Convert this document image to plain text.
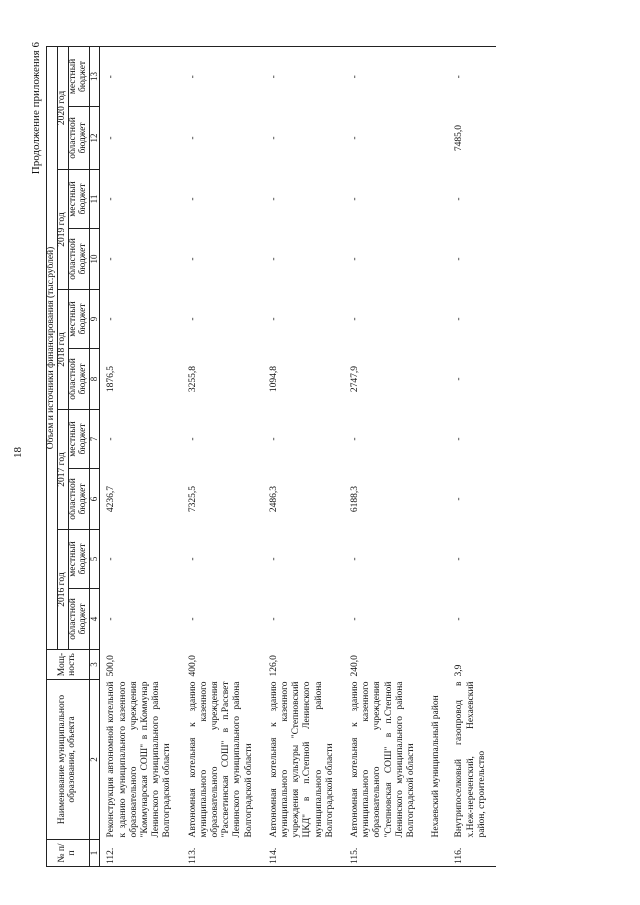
18
Продолжение приложения 6
№ п/п	Наименование муниципального образования, объекта	Мощ- ность	Объем и источники финансирования (тыс.рублей)									
			2016 год		2017 год		2018 год		2019 год		2020 год	
			областной бюджет	местный бюджет	областной бюджет	местный бюджет	областной бюджет	местный бюджет	областной бюджет	местный бюджет	областной бюджет	местный бюджет
1	2	3	4	5	6	7	8	9	10	11	12	13
112.	Реконструкция автономной котельной к зданию муниципального казенного образовательного учреждения "Коммунарская СОШ" в п.Коммунар Ленинского муниципального района Волгоградской области	500,0	-	-	4236,7	-	1876,5	-	-	-	-	-
113.	Автономная котельная к зданию муниципального казенного образовательного учреждения "Рассветинская СОШ" в п.Рассвет Ленинского муниципального района Волгоградской области	400,0	-	-	7325,5	-	3255,8	-	-	-	-	-
114.	Автономная котельная к зданию муниципального казенного учреждения культуры "Степновский ЦКД" в п.Степной Ленинского муниципального района Волгоградской области	126,0	-	-	2486,3	-	1094,8	-	-	-	-	-
115.	Автономная котельная к зданию муниципального казенного образовательного учреждения "Степновская СОШ" в п.Степной Ленинского муниципального района Волгоградской области	240,0	-	-	6188,3	-	2747,9	-	-	-	-	-
	Нехаевский муниципальный район											
116.	Внутрипоселковый газопровод в х.Неж-нереченский, Нехаевский район, строительство	3,9	-	-	-	-	-	-	-	-	7485,0	-
